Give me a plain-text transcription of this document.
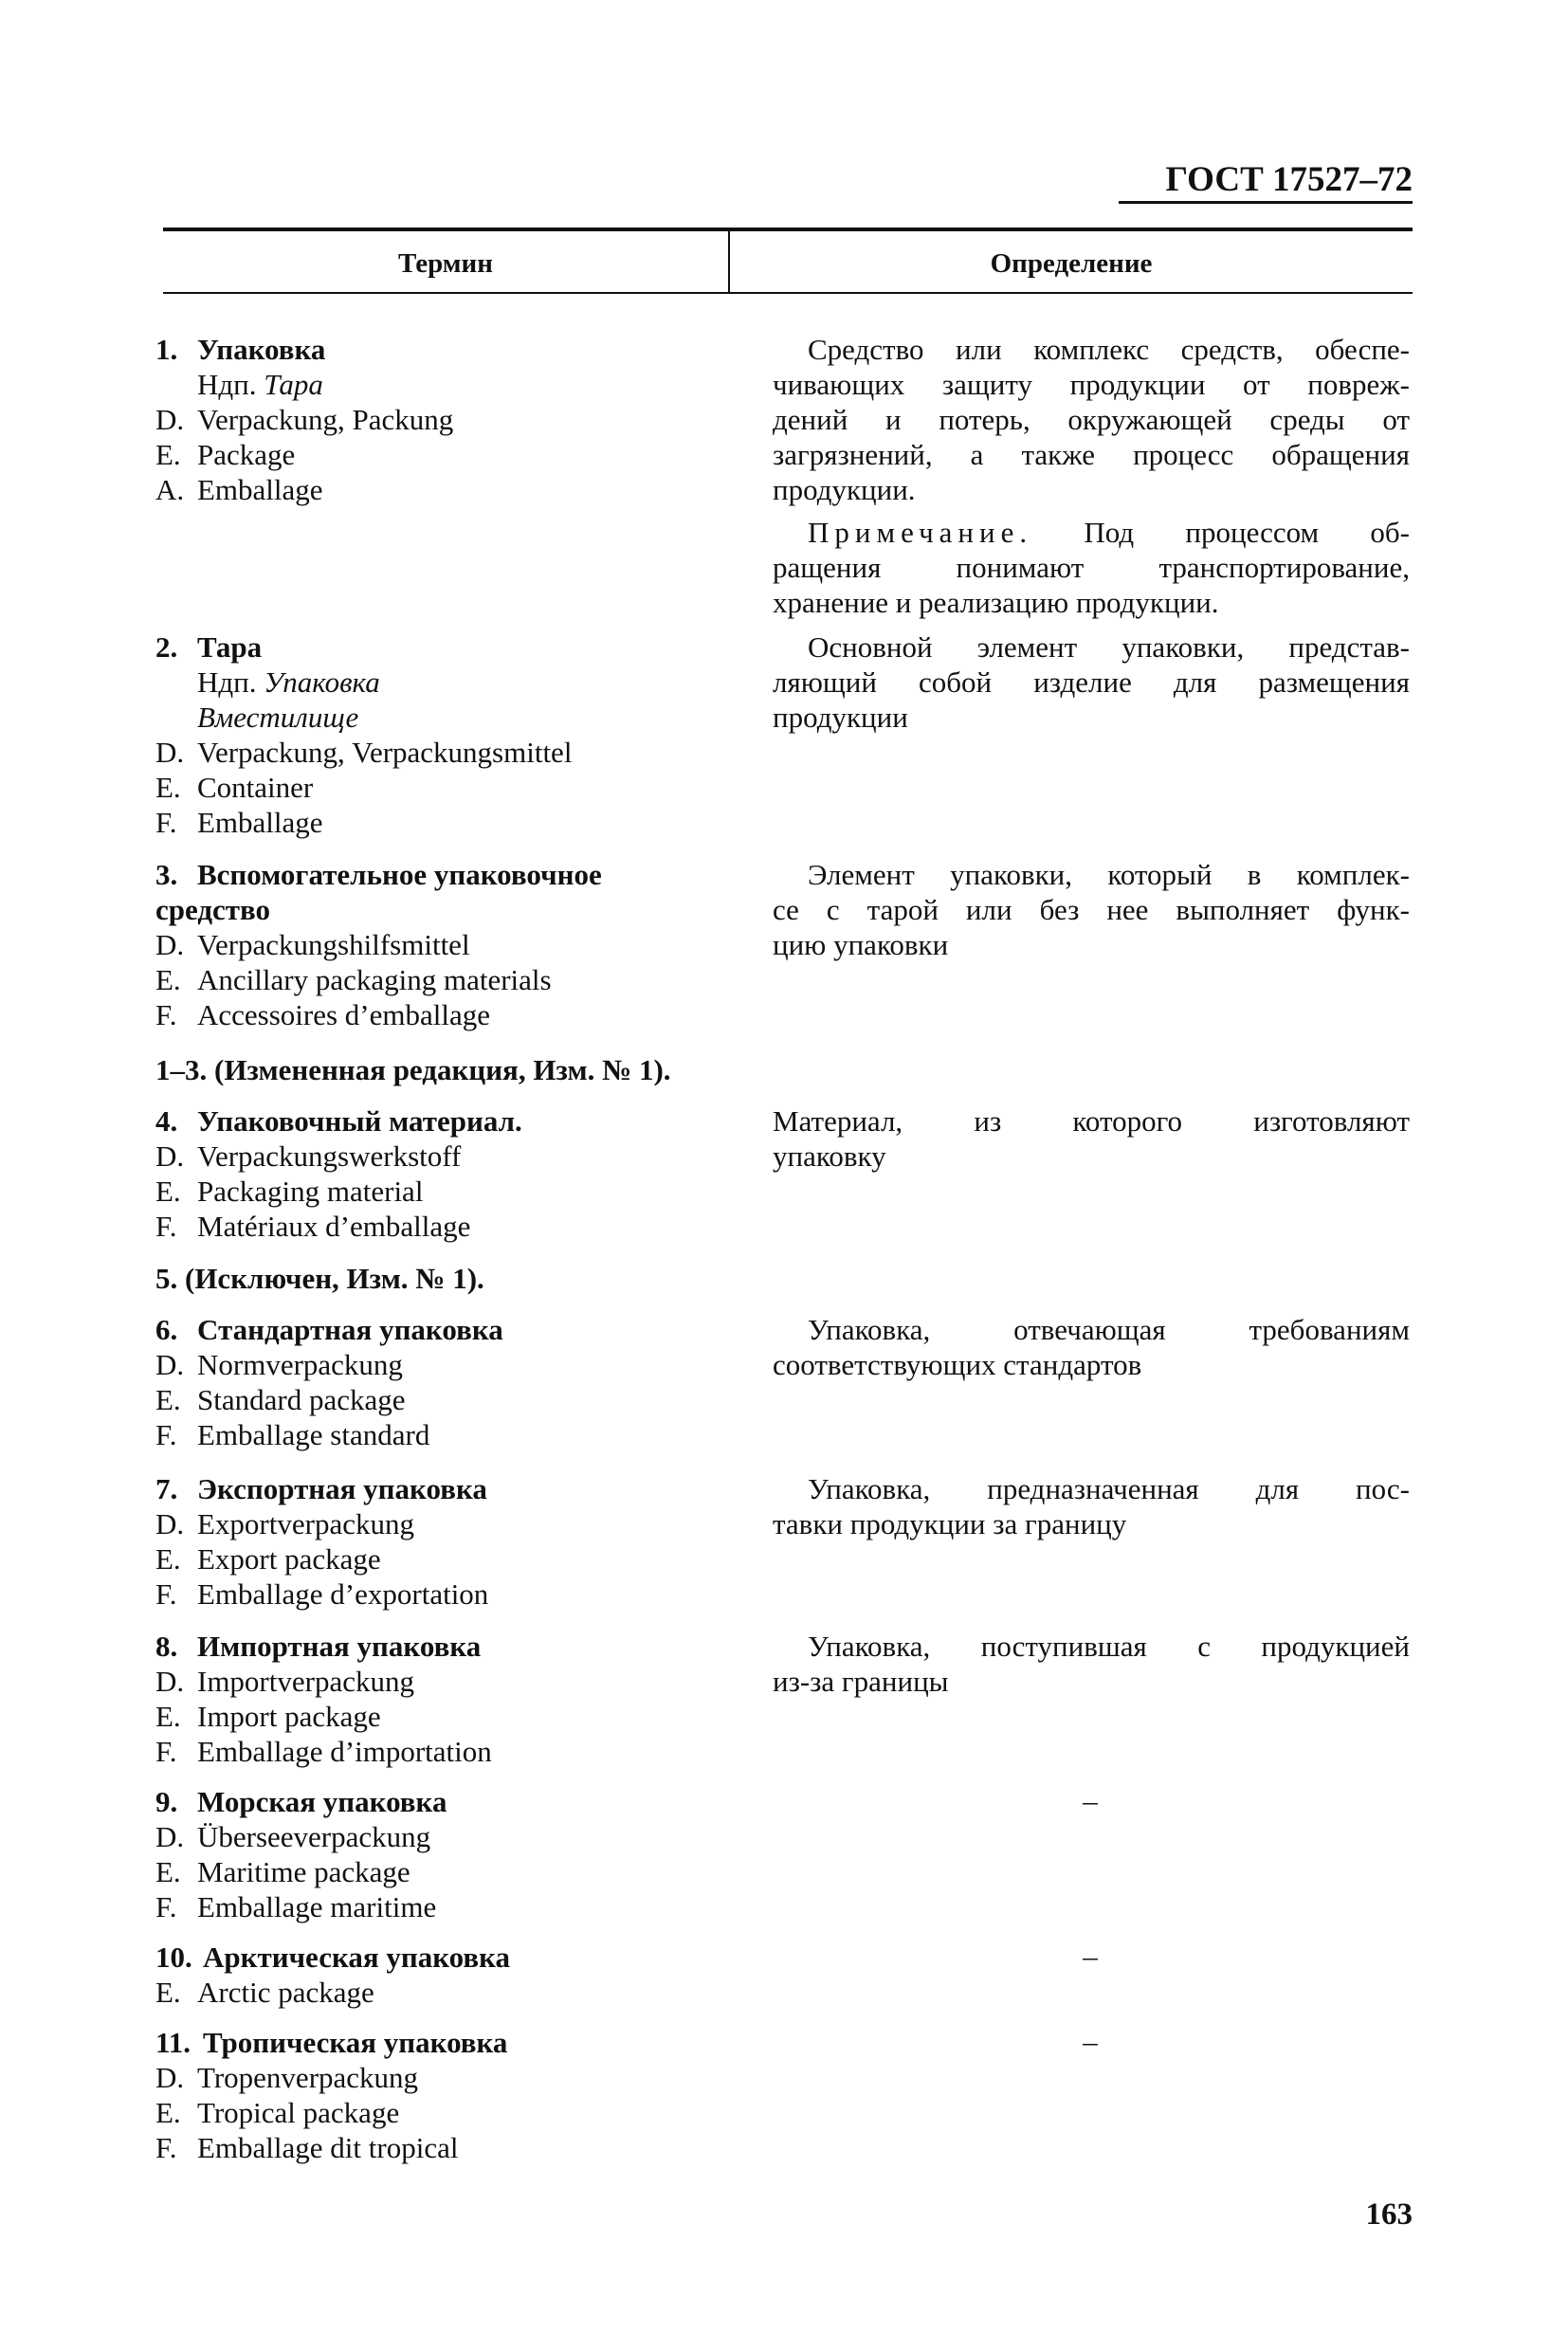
ГОСТ 17527–72
Термин	Определение
1. Упаковка
Ндп. Тара
D. Verpackung, Packung
E. Package
A. Emballage
Средство или комплекс средств, обеспе-
чивающих защиту продукции от повреж-
дений и потерь, окружающей среды от
загрязнений, а также процесс обращения
продукции.
Примечание. Под процессом об-
ращения понимают транспортирование,
хранение и реализацию продукции.
2. Тара
Ндп. Упаковка
Вместилище
D. Verpackung, Verpackungsmittel
E. Container
F. Emballage
Основной элемент упаковки, представ-
ляющий собой изделие для размещения
продукции
3. Вспомогательное упаковочное
средство
D. Verpackungshilfsmittel
E. Ancillary packaging materials
F. Accessoires d’emballage
Элемент упаковки, который в комплек-
се с тарой или без нее выполняет функ-
цию упаковки
1–3. (Измененная редакция, Изм. № 1).
4. Упаковочный материал.
D. Verpackungswerkstoff
E. Packaging material
F. Matériaux d’emballage
Материал, из которого изготовляют
упаковку
5. (Исключен, Изм. № 1).
6. Стандартная упаковка
D. Normverpackung
E. Standard package
F. Emballage standard
Упаковка, отвечающая требованиям
соответствующих стандартов
7. Экспортная упаковка
D. Exportverpackung
E. Export package
F. Emballage d’exportation
Упаковка, предназначенная для пос-
тавки продукции за границу
8. Импортная упаковка
D. Importverpackung
E. Import package
F. Emballage d’importation
Упаковка, поступившая с продукцией
из-за границы
9. Морская упаковка
D. Überseeverpackung
E. Maritime package
F. Emballage maritime
–
10. Арктическая упаковка
E. Arctic package
–
11. Тропическая упаковка
D. Tropenverpackung
E. Tropical package
F. Emballage dit tropical
–
163
